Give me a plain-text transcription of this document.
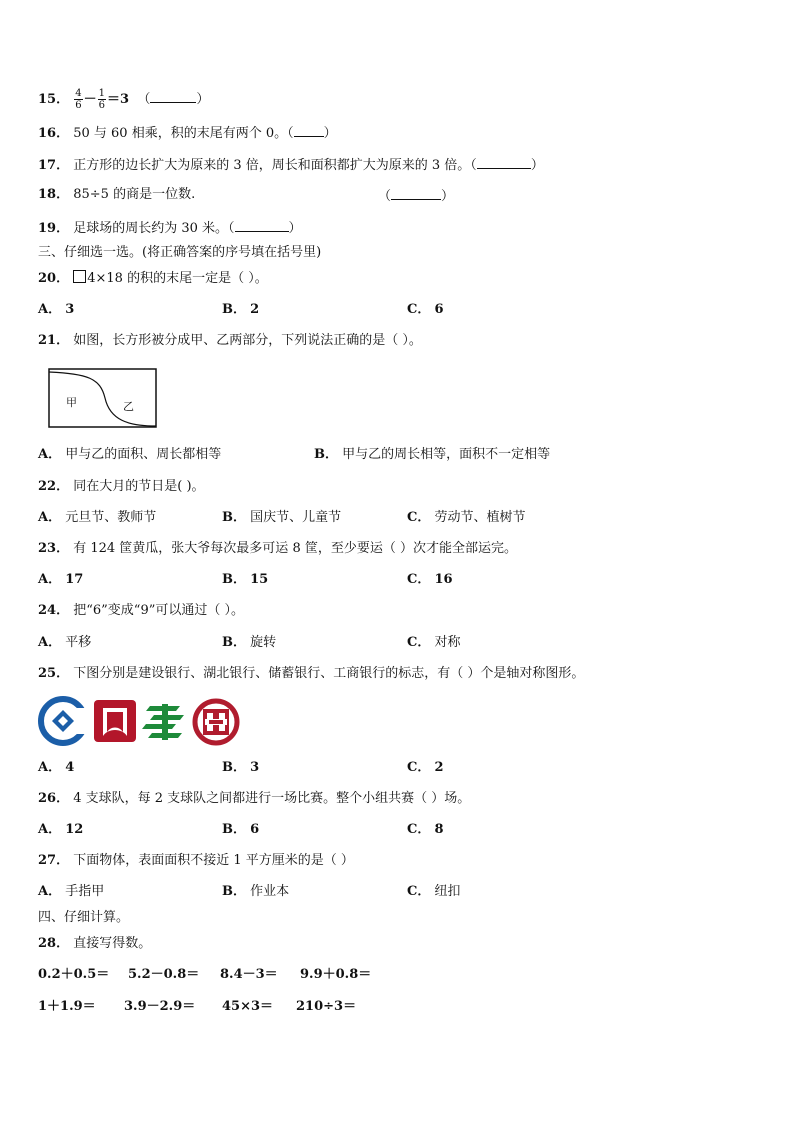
15． $\frac{4}{6} - \frac{1}{6} =3$ （	）
16． 50 与 60 相乘，积的末尾有两个 0。（ ）
17． 正方形的边长扩大为原来的 3 倍，周长和面积都扩大为原来的 3 倍。（	）
18． 85÷5 的商是一位数.	（	）
19． 足球场的周长约为 30 米。（	）
三、仔细选一选。(将正确答案的序号填在括号里)
20． 4×18 的积的末尾一定是（ ）。
A． 3	B． 2	C． 6
21． 如图，长方形被分成甲、乙两部分，下列说法正确的是（ ）。
甲	乙
A． 甲与乙的面积、周长都相等	B． 甲与乙的周长相等，面积不一定相等
22． 同在大月的节日是( )。
A． 元旦节、教师节	B． 国庆节、儿童节	C． 劳动节、植树节
23． 有 124 筐黄瓜，张大爷每次最多可运 8 筐，至少要运（ ）次才能全部运完。
A． 17	B． 15	C． 16
24． 把“6”变成“9”可以通过（ ）。
A． 平移	B． 旋转	C． 对称
25． 下图分别是建设银行、湖北银行、储蓄银行、工商银行的标志，有（ ）个是轴对称图形。
A． 4	B． 3	C． 2
26． 4 支球队，每 2 支球队之间都进行一场比赛。整个小组共赛（ ）场。
A． 12	B． 6	C． 8
27． 下面物体，表面面积不接近 1 平方厘米的是（ ）
A． 手指甲	B． 作业本	C． 纽扣
四、仔细计算。
28． 直接写得数。
0.2＋0.5＝ 5.2－0.8＝ 8.4－3＝ 9.9＋0.8＝
1＋1.9＝ 3.9－2.9＝ 45×3＝ 210÷3＝
